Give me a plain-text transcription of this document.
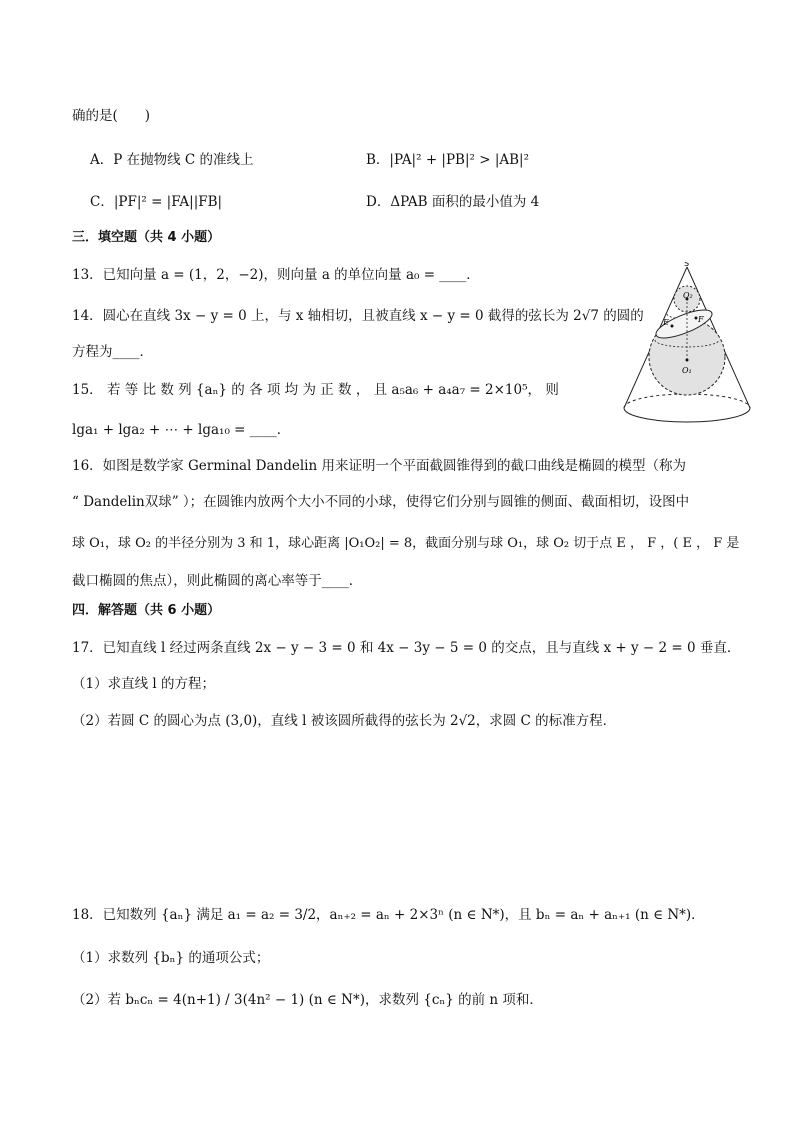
确的是(　　)
A．P 在抛物线 C 的准线上	B．|PA|² + |PB|² > |AB|²
C．|PF|² = |FA||FB|	D．ΔPAB 面积的最小值为 4
三．填空题（共 4 小题）
13．已知向量 a = (1，2，−2)，则向量 a 的单位向量 a₀ = ____．
14．圆心在直线 3x − y = 0 上，与 x 轴相切，且被直线 x − y = 0 截得的弦长为 2√7 的圆的
方程为____．
15． 若 等 比 数 列 {aₙ} 的 各 项 均 为 正 数 ， 且 a₅a₆ + a₄a₇ = 2×10⁵， 则
lga₁ + lga₂ + ⋯ + lga₁₀ = ____．
16．如图是数学家 Germinal Dandelin 用来证明一个平面截圆锥得到的截口曲线是椭圆的模型（称为
“ Dandelin双球” ）；在圆锥内放两个大小不同的小球，使得它们分别与圆锥的侧面、截面相切，设图中
球 O₁，球 O₂ 的半径分别为 3 和 1，球心距离 |O₁O₂| = 8，截面分别与球 O₁，球 O₂ 切于点 E ， F ，( E ， F 是
截口椭圆的焦点），则此椭圆的离心率等于____．
四．解答题（共 6 小题）
17．已知直线 l 经过两条直线 2x − y − 3 = 0 和 4x − 3y − 5 = 0 的交点，且与直线 x + y − 2 = 0 垂直．
（1）求直线 l 的方程；
（2）若圆 C 的圆心为点 (3,0)，直线 l 被该圆所截得的弦长为 2√2，求圆 C 的标准方程．
18．已知数列 {aₙ} 满足 a₁ = a₂ = 3/2，aₙ₊₂ = aₙ + 2×3ⁿ (n ∈ N*)，且 bₙ = aₙ + aₙ₊₁ (n ∈ N*)．
（1）求数列 {bₙ} 的通项公式；
（2）若 bₙcₙ = 4(n+1) / 3(4n² − 1) (n ∈ N*)，求数列 {cₙ} 的前 n 项和．
S
O₂
O₁
E	F
